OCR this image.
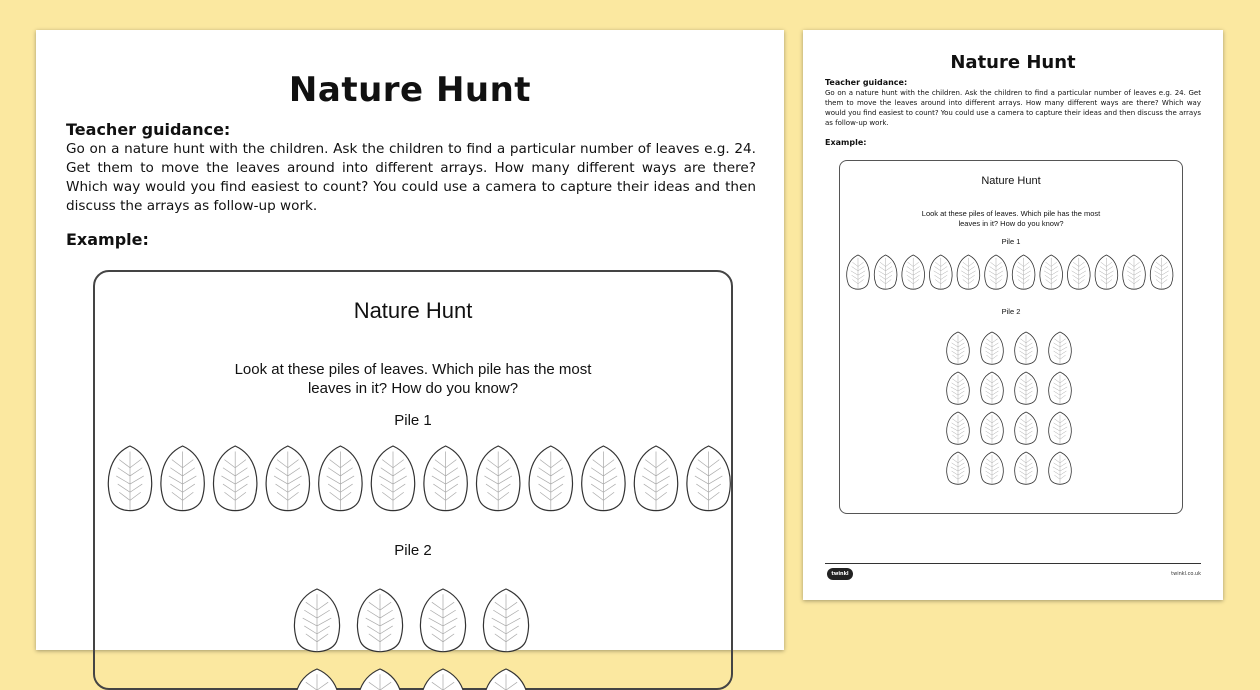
Nature Hunt
Teacher guidance:
Go on a nature hunt with the children. Ask the children to find a particular number of leaves e.g. 24. Get them to move the leaves around into different arrays. How many different ways are there? Which way would you find easiest to count? You could use a camera to capture their ideas and then discuss the arrays as follow-up work.
Example:
Nature Hunt
Look at these piles of leaves. Which pile has the most
leaves in it? How do you know?
Pile 1
Pile 2
Nature Hunt
Teacher guidance:
Go on a nature hunt with the children. Ask the children to find a particular number of leaves e.g. 24. Get them to move the leaves around into different arrays. How many different ways are there? Which way would you find easiest to count? You could use a camera to capture their ideas and then discuss the arrays as follow-up work.
Example:
Nature Hunt
Look at these piles of leaves. Which pile has the most
leaves in it? How do you know?
Pile 1
Pile 2
twinkl	twinkl.co.uk
